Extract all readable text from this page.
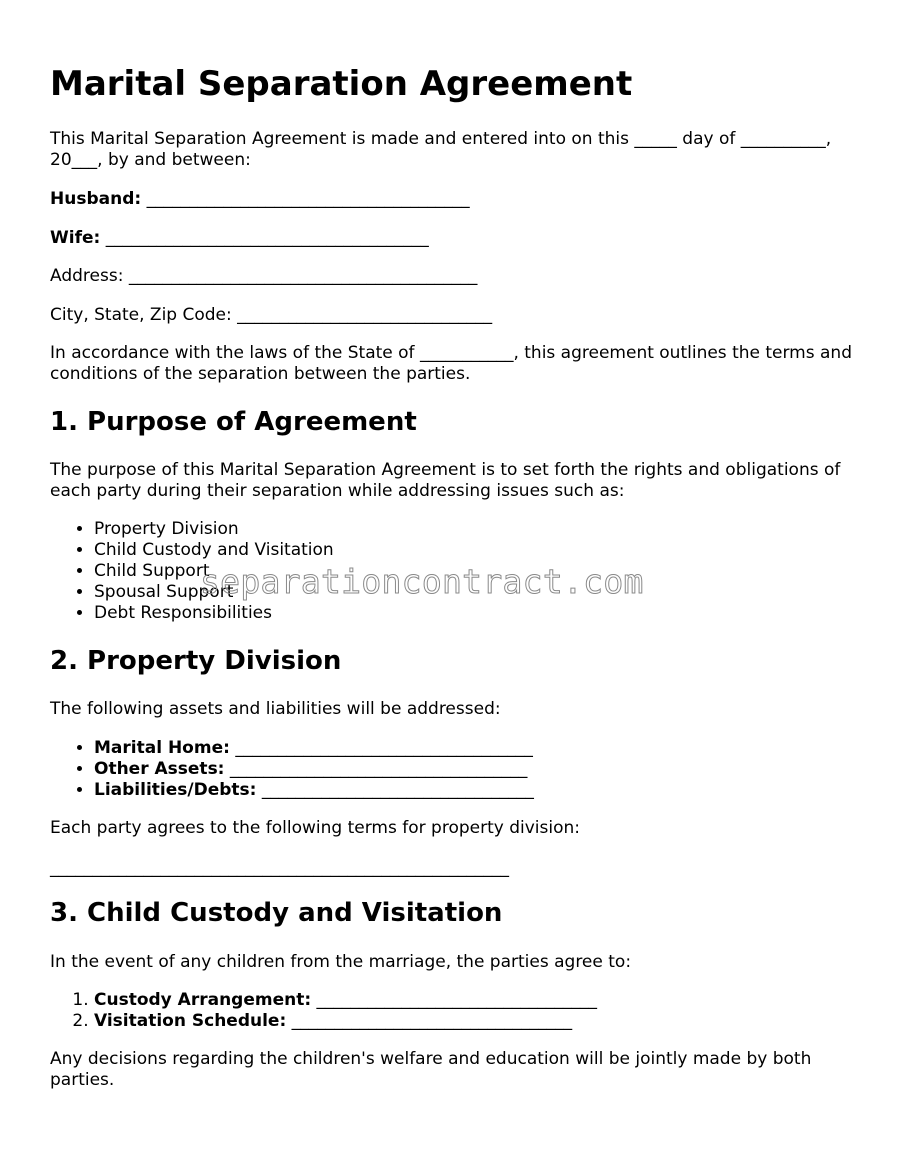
Marital Separation Agreement

This Marital Separation Agreement is made and entered into on this _____ day of __________, 20___, by and between:

Husband: ______________________________________

Wife: ______________________________________

Address: _________________________________________

City, State, Zip Code: ______________________________

In accordance with the laws of the State of ___________, this agreement outlines the terms and conditions of the separation between the parties.

1. Purpose of Agreement

The purpose of this Marital Separation Agreement is to set forth the rights and obligations of each party during their separation while addressing issues such as:

• Property Division
• Child Custody and Visitation
• Child Support
• Spousal Support
• Debt Responsibilities
2. Property Division

The following assets and liabilities will be addressed:

• Marital Home: ___________________________________
• Other Assets: ___________________________________
• Liabilities/Debts: ________________________________

Each party agrees to the following terms for property division:

______________________________________________________

3. Child Custody and Visitation

In the event of any children from the marriage, the parties agree to:

1. Custody Arrangement: _________________________________
2. Visitation Schedule: _________________________________

Any decisions regarding the children's welfare and education will be jointly made by both parties.

separationcontract.com
